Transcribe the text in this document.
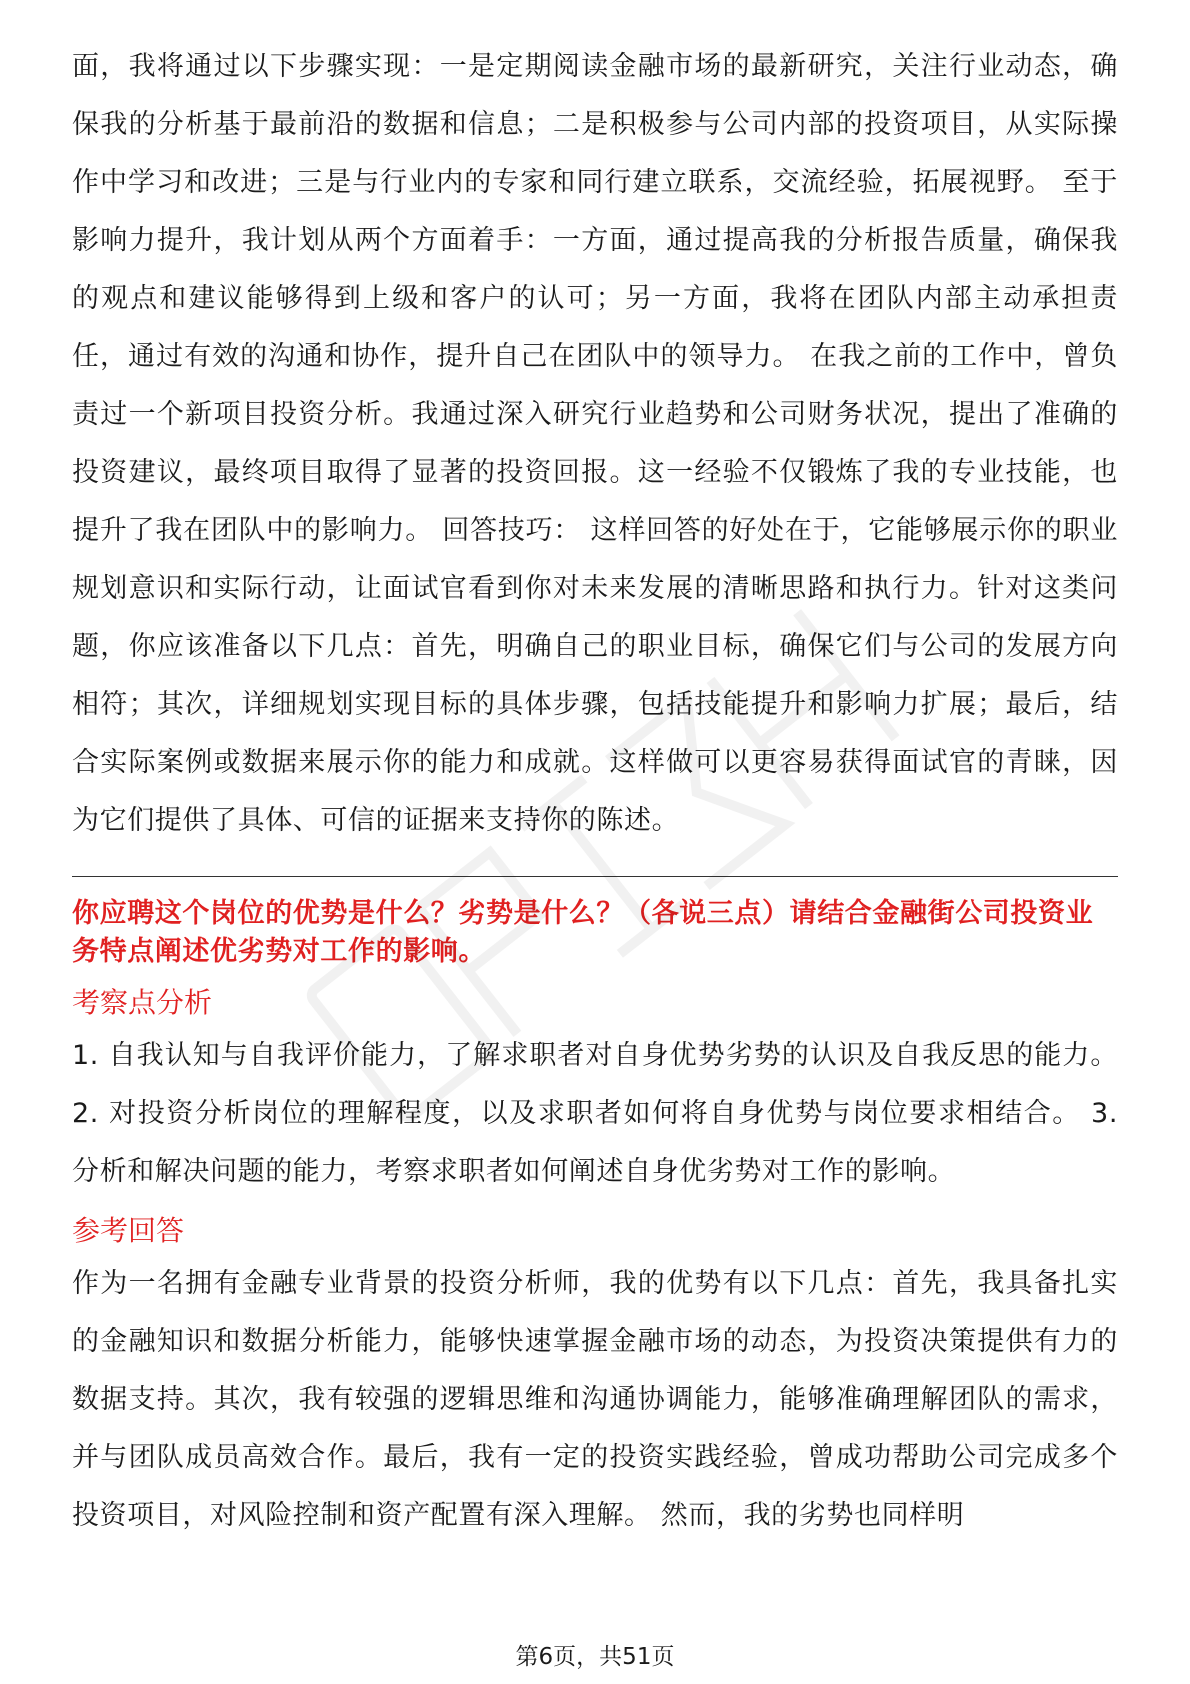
面，我将通过以下步骤实现：一是定期阅读金融市场的最新研究，关注行业动态，确保我的分析基于最前沿的数据和信息；二是积极参与公司内部的投资项目，从实际操作中学习和改进；三是与行业内的专家和同行建立联系，交流经验，拓展视野。 至于影响力提升，我计划从两个方面着手：一方面，通过提高我的分析报告质量，确保我的观点和建议能够得到上级和客户的认可；另一方面，我将在团队内部主动承担责任，通过有效的沟通和协作，提升自己在团队中的领导力。 在我之前的工作中，曾负责过一个新项目投资分析。我通过深入研究行业趋势和公司财务状况，提出了准确的投资建议，最终项目取得了显著的投资回报。这一经验不仅锻炼了我的专业技能，也提升了我在团队中的影响力。 回答技巧： 这样回答的好处在于，它能够展示你的职业规划意识和实际行动，让面试官看到你对未来发展的清晰思路和执行力。针对这类问题，你应该准备以下几点：首先，明确自己的职业目标，确保它们与公司的发展方向相符；其次，详细规划实现目标的具体步骤，包括技能提升和影响力扩展；最后，结合实际案例或数据来展示你的能力和成就。这样做可以更容易获得面试官的青睐，因为它们提供了具体、可信的证据来支持你的陈述。

你应聘这个岗位的优势是什么？劣势是什么？（各说三点）请结合金融街公司投资业务特点阐述优劣势对工作的影响。

考察点分析

1. 自我认知与自我评价能力，了解求职者对自身优势劣势的认识及自我反思的能力。 2. 对投资分析岗位的理解程度，以及求职者如何将自身优势与岗位要求相结合。 3. 分析和解决问题的能力，考察求职者如何阐述自身优劣势对工作的影响。

参考回答

作为一名拥有金融专业背景的投资分析师，我的优势有以下几点：首先，我具备扎实的金融知识和数据分析能力，能够快速掌握金融市场的动态，为投资决策提供有力的数据支持。其次，我有较强的逻辑思维和沟通协调能力，能够准确理解团队的需求，并与团队成员高效合作。最后，我有一定的投资实践经验，曾成功帮助公司完成多个投资项目，对风险控制和资产配置有深入理解。 然而，我的劣势也同样明

第6页，共51页
